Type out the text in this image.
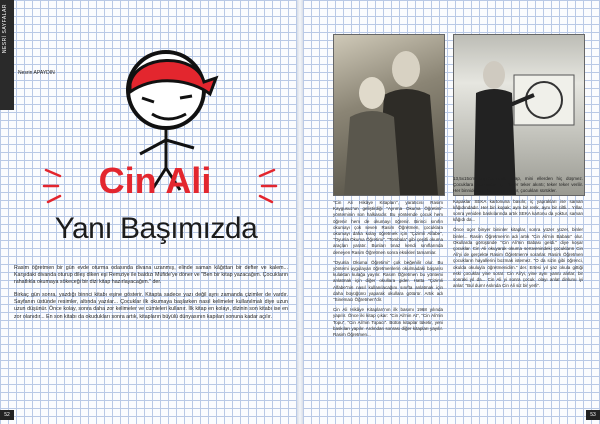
NESRİ SAYFALAR
Nesrin APAYDIN
Cin Ali
Yanı Başımızda

Rasim öğretmen bir gün evde oturma odasında divana uzanmış, elinde saman kâğıttan bir defter ve kalem... Karşıdaki divanda oturup dileş diken eşi Remziye ile baldızı Müfide'ye döner ve "Ben bir kitap yazacağım. Çocukların rahatlıkla okumaya sökeceği bir dizi kitap hazırlayacağım." der.

Birkaç gün sonra, yazdığı binnci kitabı eşine gösterir. Kitapta sadece yazı değil aynı zamanda çizimler de vardır. Sayfanın üstünde resimler, altında yazılar... Çocuklar ilk okumaya başlarken nasıl kelimeler kullanılmalı diye uzun uzun düşünür. Önce kolay, sonra daha zor kelimeler ve cümleleri kullanır. İlk kitap en kolayı, dizinin son kitabı ise en zor olanıdır... En son kitabı da okudukları sonra artık, kitapların büyülü dünyasının kapıları sonuna kadar açılır.

52

"Cin Ali Hikâye Kitapları", yaratıcısı Rasim Kaygusuz'un geliştirdiği "Ayrıma Okuma Öğretimi" yönteminin son halkasıdır. Bu yöntemde çocuk hem öğrenir hem de okumayı öğrenir. Birinci sınıfın okumayı çok seven Rasim Öğretmen, çocuklara okumayı daha kolay öğretmek için "Çizimli Alfabe", "Oyunla Okuma Öğretimi", "Tombala" gibi çeşitli okuma araçları yaratır. Bunları tınaz kendi sınıflarında deneyen Rasim Öğretmen sonra eksikleri tamamlar.

"Oyunla Okuma Öğretimi" çok beğenilir olur. Bu yöntemi uygulayan öğretmenlerin okulmadaki başarısı kulaktan kulağa yayılır. Rasim Öğretmen bu yöntemi anlatmak için diğer okullara gider. Hatta "Çizimli Alfabe"nin nasıl kullanılacağını sınıfta anlatmak için daha büyüğünü yaparak okullara götürür. Artık adı "Sinemacı Öğretmen"dir.

Cin Ali Hikâye Kitapları'nın ilk basımı 1968 yılında yapılır. Önce iki kitap çıkar: "Cin Ali'nin At", "Cin Ali'nin Topu", "Cin Ali'nin Topacı". Bütün kitaplar tüketir, yeni baskıları yapılır. Ardından sonrası diğer kitapları yayılır. Rasim Öğretmen...

13,5x15cm boyutlarındaki kitap, mini ellerden hiç düşmez. Çocuklara okumaktan için teker teker akıntı; teker teker verilir. Her binnide aynı bir dünya vardır, çocukları sürükler.

Kapaklar SEKA kartonuna basılır, iç yaprakları ise saman kâğıdındadır. Her biri kopak; aynı bir renk, aynı bir ciltli... Yıllar, sonra yeniden baskılarında artık SEKA kartonu da yoktur, saman kâğıdı da...

Önce üçer binyer bininler kitaplar, sonra yüzer yüzer, binler binler... Rasim Öğretmen'in adı artık "Cin Ali'nin Babası" olur. Okullarda görüşünde "Cin Ali'nin Babası geldi." diye koşar çocuklar. Cin Ali okuyarak okuma serüvenindeki çocukların Cin Ali'yi de gerçekte Rasim Öğretmen'e sorarlar. Rasim Öğretmen çocukların hayallerini bozmak istemez. "O da sizin gibi öğrenci, okulda okuluyla öğretmenidim." der. Ertesi yıl yaz okula gittiği eski çocuklar yine sorar: Cin Ali'yi, yine aynı yanıtı alırlar; bir sonraki yıl da... Cin Ali yi sonra çocuk, olayı anlat dinlunu iyi anlar: "Bul dum! Aslında Cin Ali siz bir yerli".

53
